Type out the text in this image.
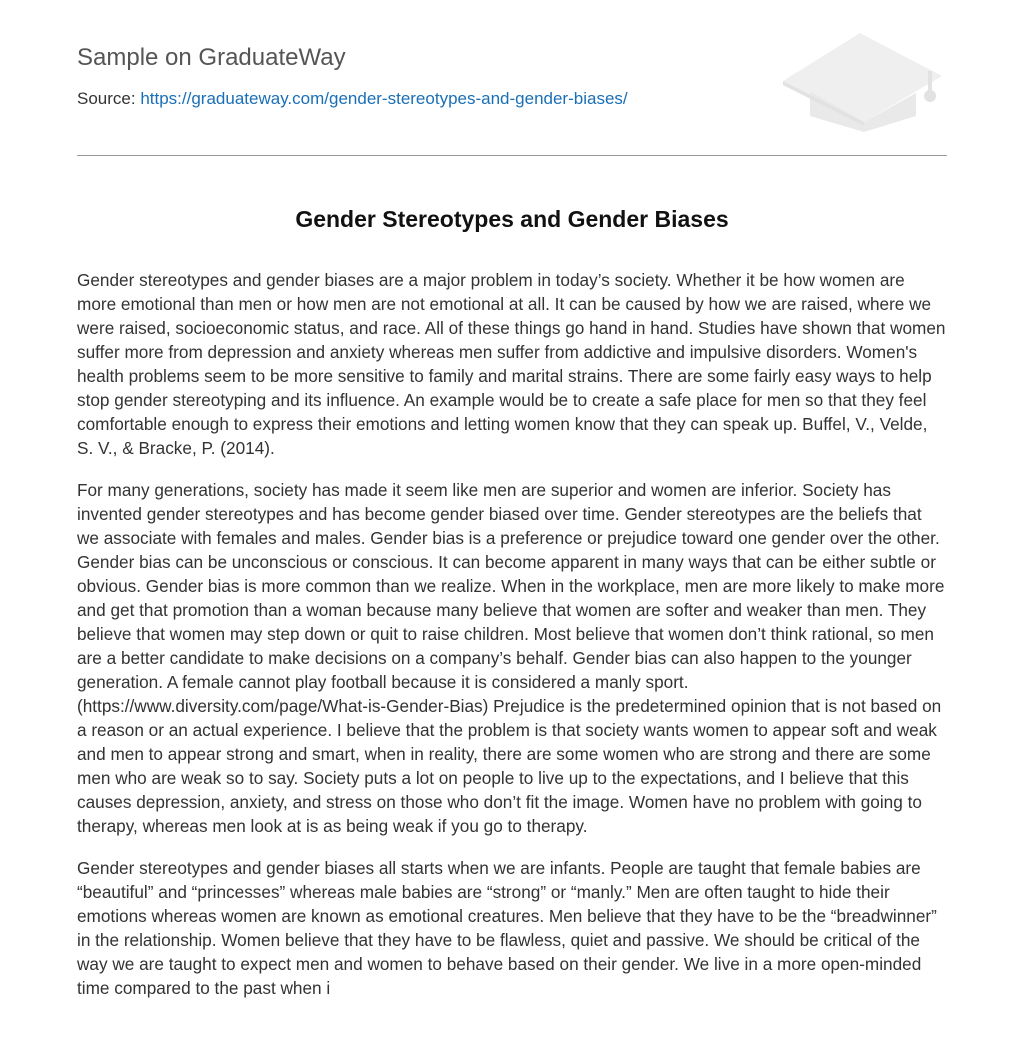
Sample on GraduateWay
Source: https://graduateway.com/gender-stereotypes-and-gender-biases/
Gender Stereotypes and Gender Biases

Gender stereotypes and gender biases are a major problem in today’s society. Whether it be how women are more emotional than men or how men are not emotional at all. It can be caused by how we are raised, where we were raised, socioeconomic status, and race. All of these things go hand in hand. Studies have shown that women suffer more from depression and anxiety whereas men suffer from addictive and impulsive disorders. Women's health problems seem to be more sensitive to family and marital strains. There are some fairly easy ways to help stop gender stereotyping and its influence. An example would be to create a safe place for men so that they feel comfortable enough to express their emotions and letting women know that they can speak up. Buffel, V., Velde, S. V., & Bracke, P. (2014).

For many generations, society has made it seem like men are superior and women are inferior. Society has invented gender stereotypes and has become gender biased over time. Gender stereotypes are the beliefs that we associate with females and males. Gender bias is a preference or prejudice toward one gender over the other. Gender bias can be unconscious or conscious. It can become apparent in many ways that can be either subtle or obvious. Gender bias is more common than we realize. When in the workplace, men are more likely to make more and get that promotion than a woman because many believe that women are softer and weaker than men. They believe that women may step down or quit to raise children. Most believe that women don’t think rational, so men are a better candidate to make decisions on a company’s behalf. Gender bias can also happen to the younger generation. A female cannot play football because it is considered a manly sport. (https://www.diversity.com/page/What-is-Gender-Bias) Prejudice is the predetermined opinion that is not based on a reason or an actual experience. I believe that the problem is that society wants women to appear soft and weak and men to appear strong and smart, when in reality, there are some women who are strong and there are some men who are weak so to say. Society puts a lot on people to live up to the expectations, and I believe that this causes depression, anxiety, and stress on those who don’t fit the image. Women have no problem with going to therapy, whereas men look at is as being weak if you go to therapy.

Gender stereotypes and gender biases all starts when we are infants. People are taught that female babies are “beautiful” and “princesses” whereas male babies are “strong” or “manly.” Men are often taught to hide their emotions whereas women are known as emotional creatures. Men believe that they have to be the “breadwinner” in the relationship. Women believe that they have to be flawless, quiet and passive. We should be critical of the way we are taught to expect men and women to behave based on their gender. We live in a more open-minded time compared to the past when i
